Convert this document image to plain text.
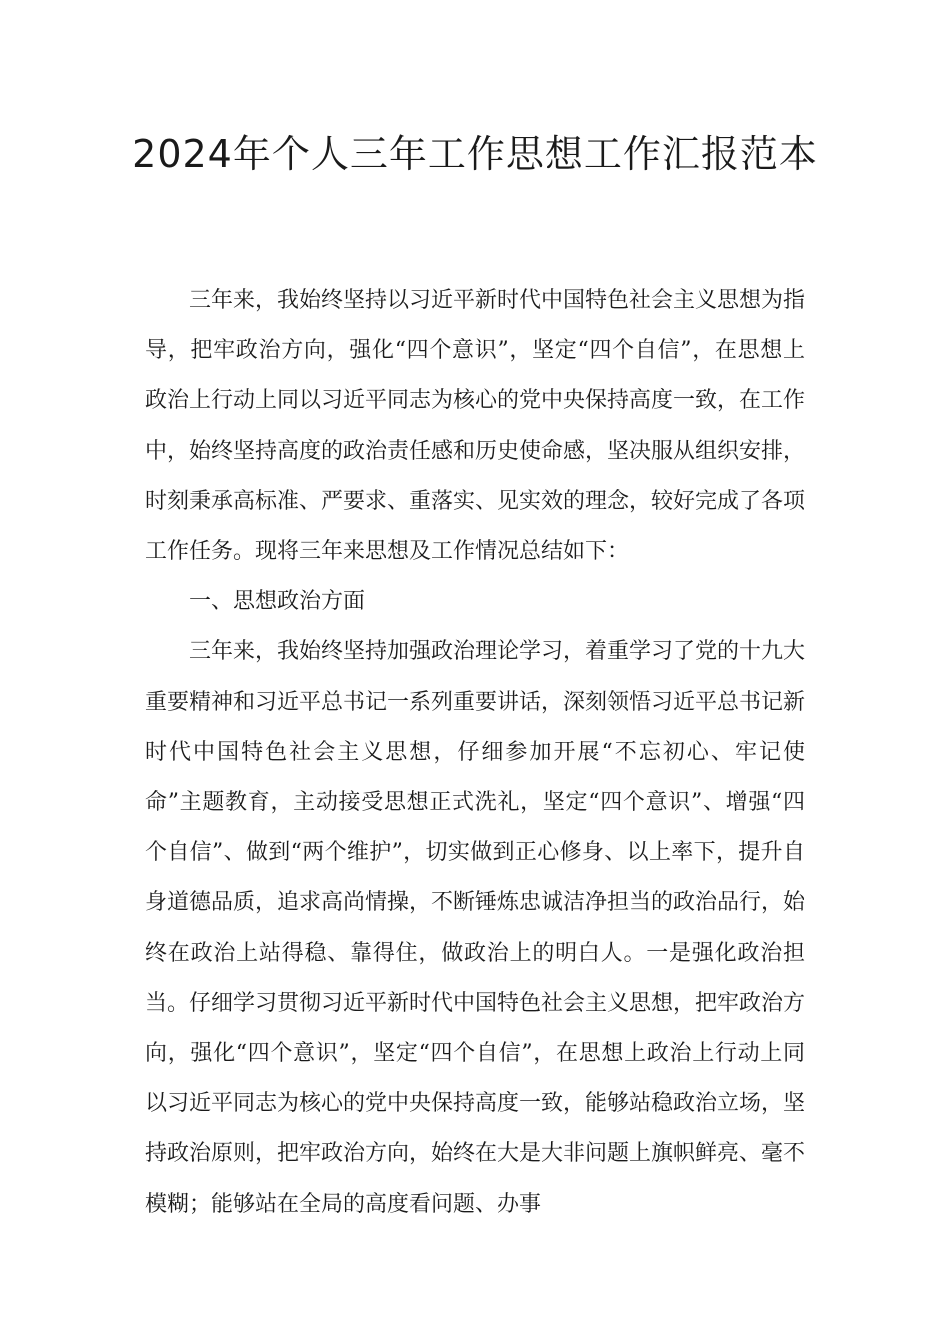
2024年个人三年工作思想工作汇报范本

三年来，我始终坚持以习近平新时代中国特色社会主义思想为指导，把牢政治方向，强化“四个意识”，坚定“四个自信”，在思想上政治上行动上同以习近平同志为核心的党中央保持高度一致，在工作中，始终坚持高度的政治责任感和历史使命感，坚决服从组织安排，时刻秉承高标准、严要求、重落实、见实效的理念，较好完成了各项工作任务。现将三年来思想及工作情况总结如下：

一、思想政治方面

三年来，我始终坚持加强政治理论学习，着重学习了党的十九大重要精神和习近平总书记一系列重要讲话，深刻领悟习近平总书记新时代中国特色社会主义思想，仔细参加开展“不忘初心、牢记使命”主题教育，主动接受思想正式洗礼，坚定“四个意识”、增强“四个自信”、做到“两个维护”，切实做到正心修身、以上率下，提升自身道德品质，追求高尚情操，不断锤炼忠诚洁净担当的政治品行，始终在政治上站得稳、靠得住，做政治上的明白人。一是强化政治担当。仔细学习贯彻习近平新时代中国特色社会主义思想，把牢政治方向，强化“四个意识”，坚定“四个自信”，在思想上政治上行动上同以习近平同志为核心的党中央保持高度一致，能够站稳政治立场，坚持政治原则，把牢政治方向，始终在大是大非问题上旗帜鲜亮、毫不模糊；能够站在全局的高度看问题、办事
